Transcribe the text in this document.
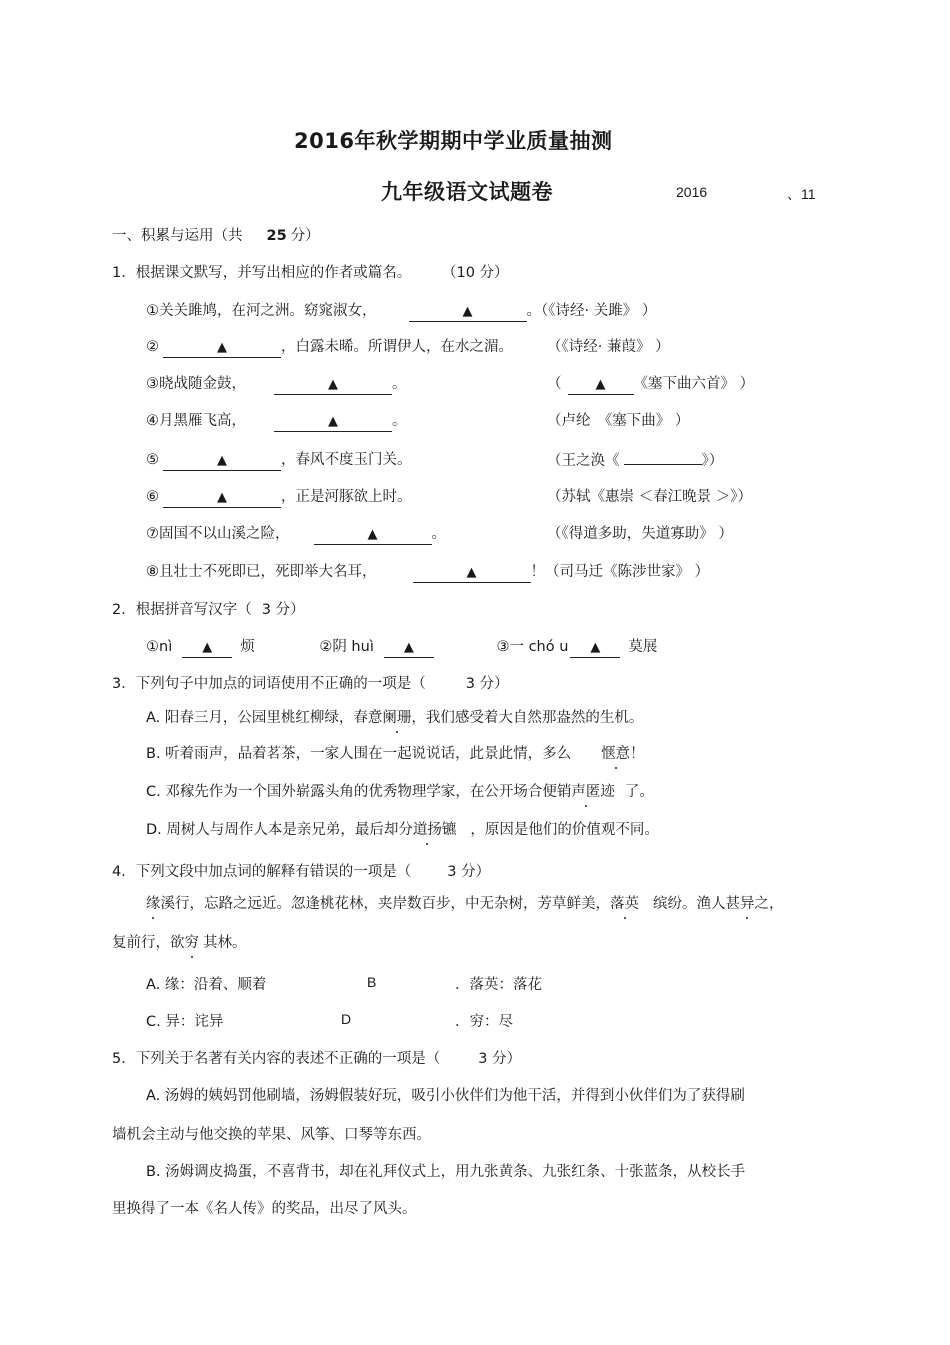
2016年秋学期期中学业质量抽测
九年级语文试题卷	2016	、11
一、积累与运用（共 25 分）
1．根据课文默写，并写出相应的作者或篇名。	（10 分）
①关关雎鸠，在河之洲。窈窕淑女，	▲	。（《诗经· 关雎》 ）
②	▲	，白露未晞。所谓伊人，在水之湄。 （《诗经· 蒹葭》 ）
③晓战随金鼓，	▲	。	（	▲ 《塞下曲六首》 ）
④月黑雁飞高，	▲	。	（卢纶　《塞下曲》 ）
⑤	▲	，春风不度玉门关。	（王之涣《	》）
⑥	▲	，正是河豚欲上时。	（苏轼《惠崇 ＜春江晚景 ＞》）
⑦固国不以山溪之险，	▲	。	（《得道多助，失道寡助》 ）
⑧且壮士不死即已，死即举大名耳，	▲	！（司马迁《陈涉世家》 ）
2．根据拼音写汉字（ 3 分）
①nì ▲ 烦	②阴 huì ▲	③一 chó u ▲ 莫展
3．下列句子中加点的词语使用不正确的一项是（	3 分）
A. 阳春三月，公园里桃红柳绿，春意阑珊，我们感受着大自然那盎然的生机。
B. 听着雨声，品着茗茶，一家人围在一起说说话，此景此情，多么 惬意！
C. 邓稼先作为一个国外崭露头角的优秀物理学家，在公开场合便销声匿迹 了。
D. 周树人与周作人本是亲兄弟，最后却分道扬镳 ，原因是他们的价值观不同。
4．下列文段中加点词的解释有错误的一项是（ 3 分）
缘溪行，忘路之远近。忽逢桃花林，夹岸数百步，中无杂树，芳草鲜美，落英 缤纷。渔人甚异之，
复前行，欲穷 其林。
A. 缘：沿着、顺着	B	．落英：落花
C. 异：诧异	D	．穷：尽
5．下列关于名著有关内容的表述不正确的一项是（	3 分）
A. 汤姆的姨妈罚他刷墙，汤姆假装好玩，吸引小伙伴们为他干活，并得到小伙伴们为了获得刷
墙机会主动与他交换的苹果、风筝、口琴等东西。
B. 汤姆调皮捣蛋，不喜背书，却在礼拜仪式上，用九张黄条、九张红条、十张蓝条，从校长手
里换得了一本《名人传》的奖品，出尽了风头。
